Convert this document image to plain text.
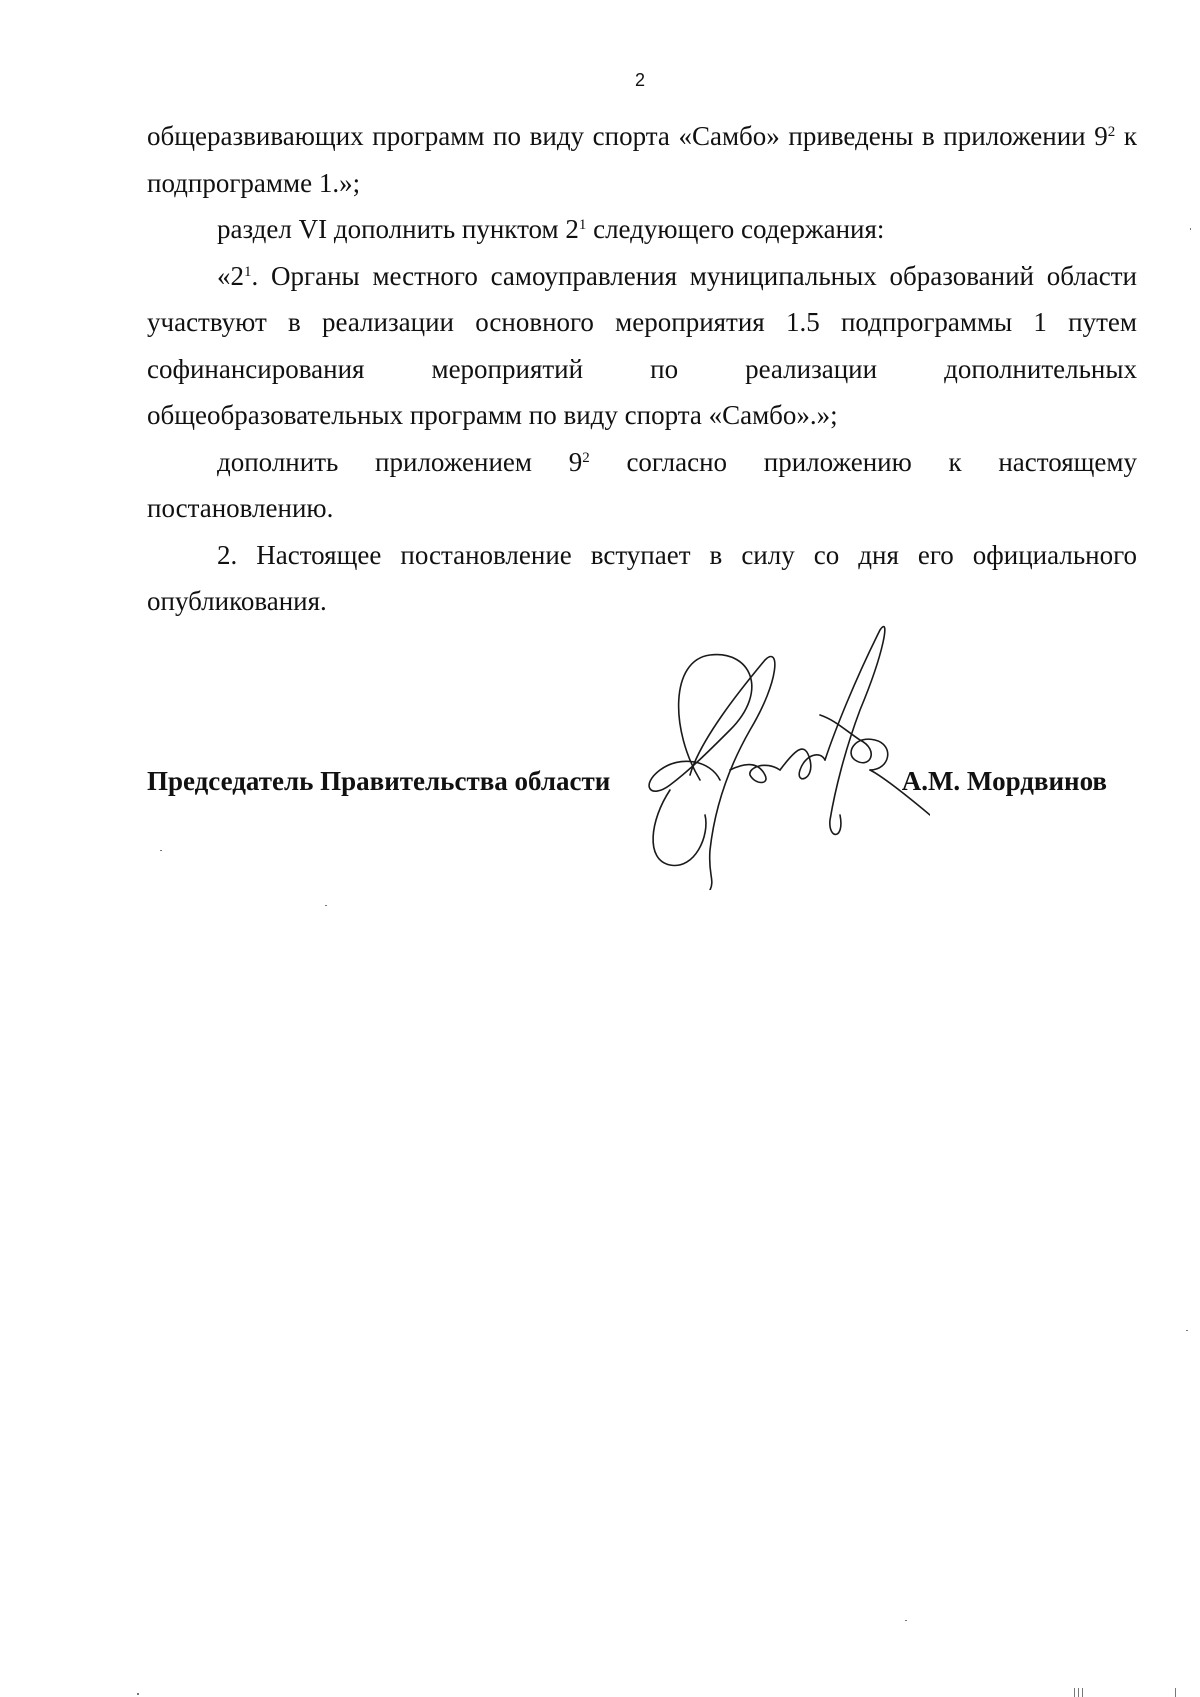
2

общеразвивающих программ по виду спорта «Самбо» приведены в приложении $9^2$ к подпрограмме 1.»;

раздел VI дополнить пунктом $2^1$ следующего содержания:

«$2^1$. Органы местного самоуправления муниципальных образований области участвуют в реализации основного мероприятия 1.5 подпрограммы 1 путем софинансирования мероприятий по реализации дополнительных общеобразовательных программ по виду спорта «Самбо».»;

дополнить приложением $9^2$ согласно приложению к настоящему постановлению.

2. Настоящее постановление вступает в силу со дня его официального опубликования.

Председатель Правительства области	А.М. Мордвинов
